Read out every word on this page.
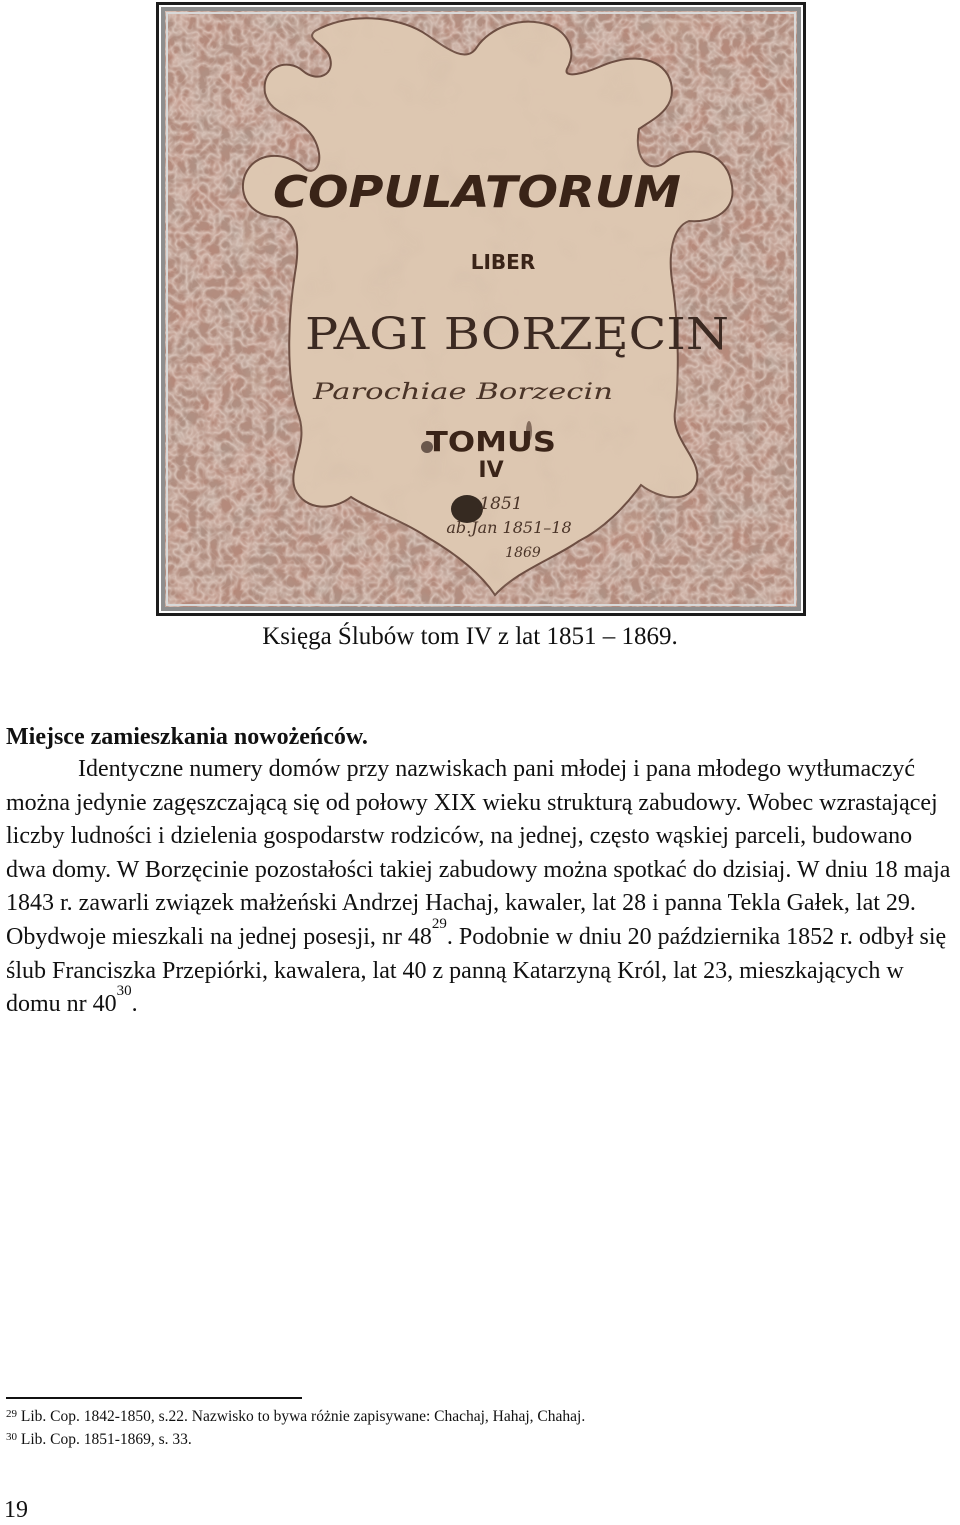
COPULATORUM
LIBER
PAGI BORZĘCIN
Parochiae Borzecin
TOMUS
IV
1851
ab.Jan 1851–18
1869
Księga Ślubów tom IV z lat 1851 – 1869.
Miejsce zamieszkania nowożeńców.
Identyczne numery domów przy nazwiskach pani młodej i pana młodego wytłumaczyć można jedynie zagęszczającą się od połowy XIX wieku strukturą zabudowy. Wobec wzrastającej liczby ludności i dzielenia gospodarstw rodziców, na jednej, często wąskiej parceli, budowano dwa domy. W Borzęcinie pozostałości takiej zabudowy można spotkać do dzisiaj. W dniu 18 maja 1843 r. zawarli związek małżeński Andrzej Hachaj, kawaler, lat 28 i panna Tekla Gałek, lat 29. Obydwoje mieszkali na jednej posesji, nr $48^{29}$. Podobnie w dniu 20 października 1852 r. odbył się ślub Franciszka Przepiórki, kawalera, lat 40 z panną Katarzyną Król, lat 23, mieszkających w domu nr $40^{30}$.
$^{29}$ Lib. Cop. 1842-1850, s.22. Nazwisko to bywa różnie zapisywane: Chachaj, Hahaj, Chahaj.
$^{30}$ Lib. Cop. 1851-1869, s. 33.
19
